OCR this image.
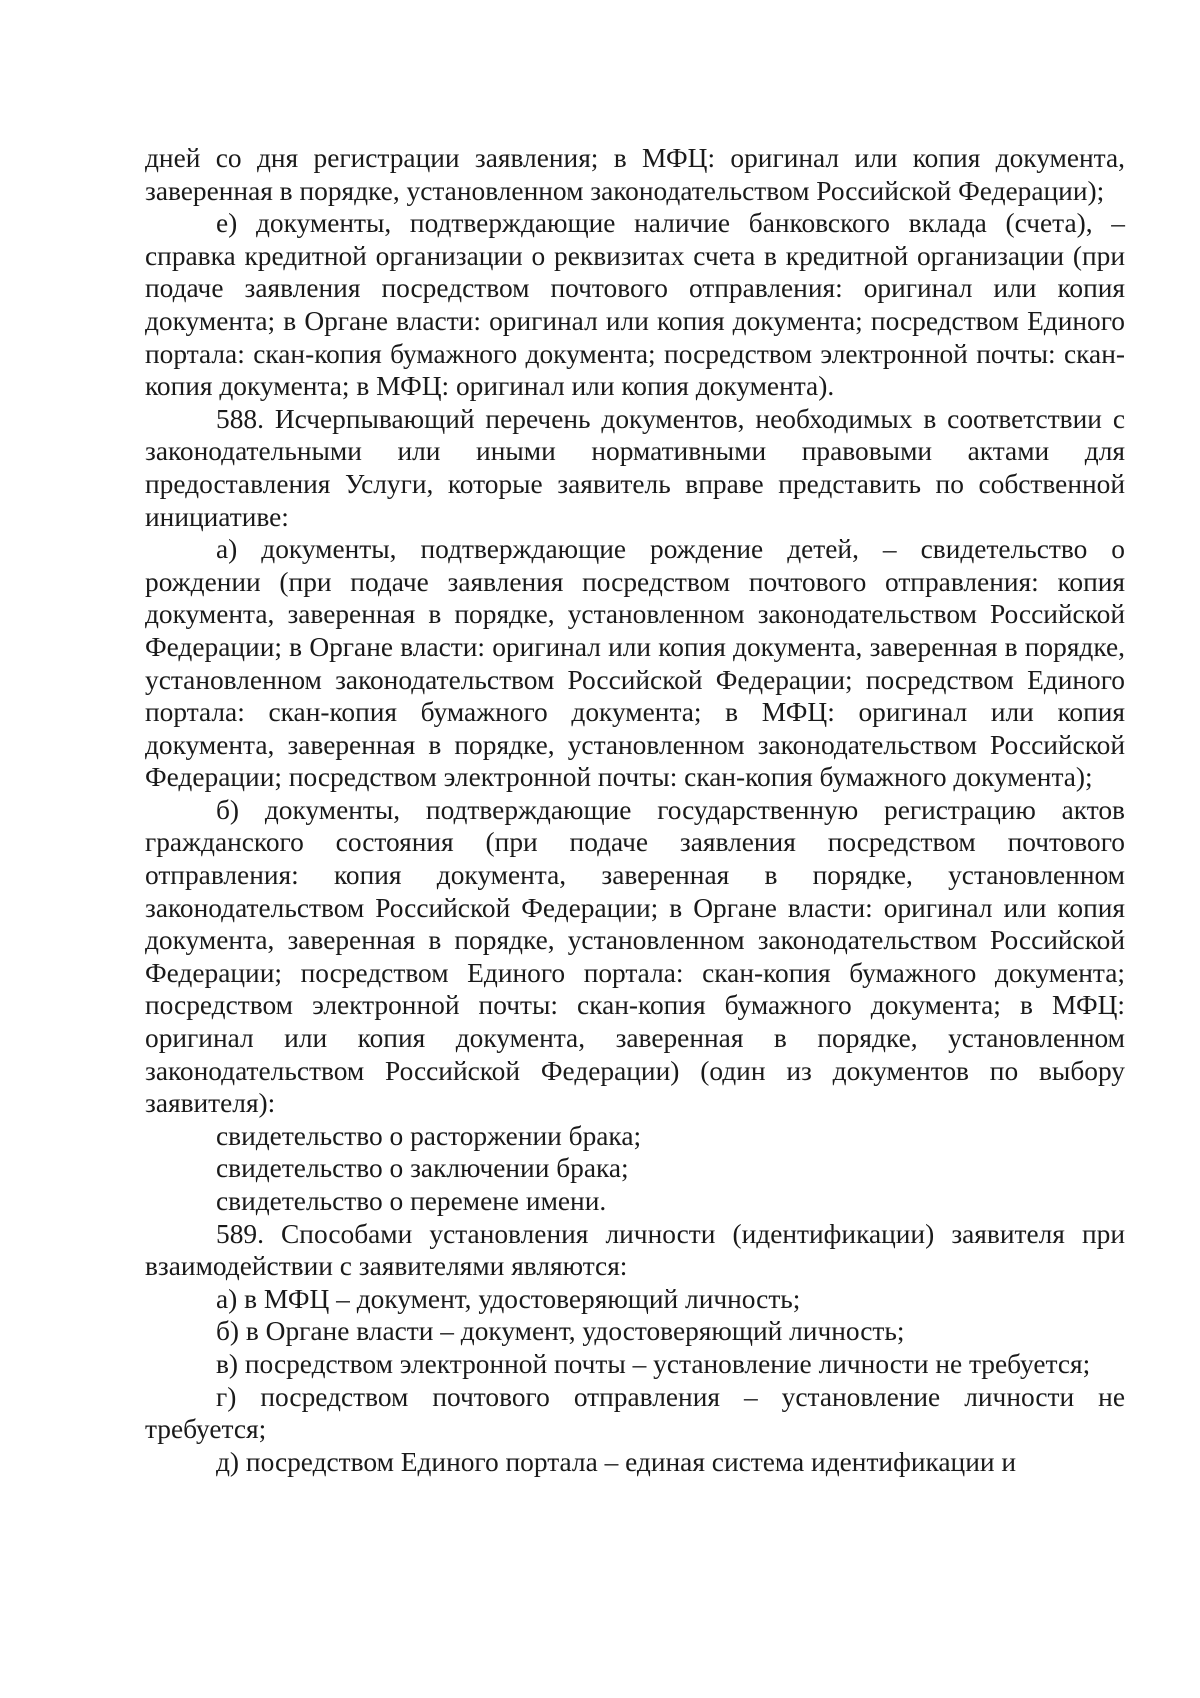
дней со дня регистрации заявления; в МФЦ: оригинал или копия документа, заверенная в порядке, установленном законодательством Российской Федерации);

е) документы, подтверждающие наличие банковского вклада (счета), – справка кредитной организации о реквизитах счета в кредитной организации (при подаче заявления посредством почтового отправления: оригинал или копия документа; в Органе власти: оригинал или копия документа; посредством Единого портала: скан-копия бумажного документа; посредством электронной почты: скан-копия документа; в МФЦ: оригинал или копия документа).

588. Исчерпывающий перечень документов, необходимых в соответствии с законодательными или иными нормативными правовыми актами для предоставления Услуги, которые заявитель вправе представить по собственной инициативе:

а) документы, подтверждающие рождение детей, – свидетельство о рождении (при подаче заявления посредством почтового отправления: копия документа, заверенная в порядке, установленном законодательством Российской Федерации; в Органе власти: оригинал или копия документа, заверенная в порядке, установленном законодательством Российской Федерации; посредством Единого портала: скан-копия бумажного документа; в МФЦ: оригинал или копия документа, заверенная в порядке, установленном законодательством Российской Федерации; посредством электронной почты: скан-копия бумажного документа);

б) документы, подтверждающие государственную регистрацию актов гражданского состояния (при подаче заявления посредством почтового отправления: копия документа, заверенная в порядке, установленном законодательством Российской Федерации; в Органе власти: оригинал или копия документа, заверенная в порядке, установленном законодательством Российской Федерации; посредством Единого портала: скан-копия бумажного документа; посредством электронной почты: скан-копия бумажного документа; в МФЦ: оригинал или копия документа, заверенная в порядке, установленном законодательством Российской Федерации) (один из документов по выбору заявителя):

свидетельство о расторжении брака;

свидетельство о заключении брака;

свидетельство о перемене имени.

589. Способами установления личности (идентификации) заявителя при взаимодействии с заявителями являются:

а) в МФЦ – документ, удостоверяющий личность;

б) в Органе власти – документ, удостоверяющий личность;

в) посредством электронной почты – установление личности не требуется;

г) посредством почтового отправления – установление личности не требуется;

д) посредством Единого портала – единая система идентификации и
